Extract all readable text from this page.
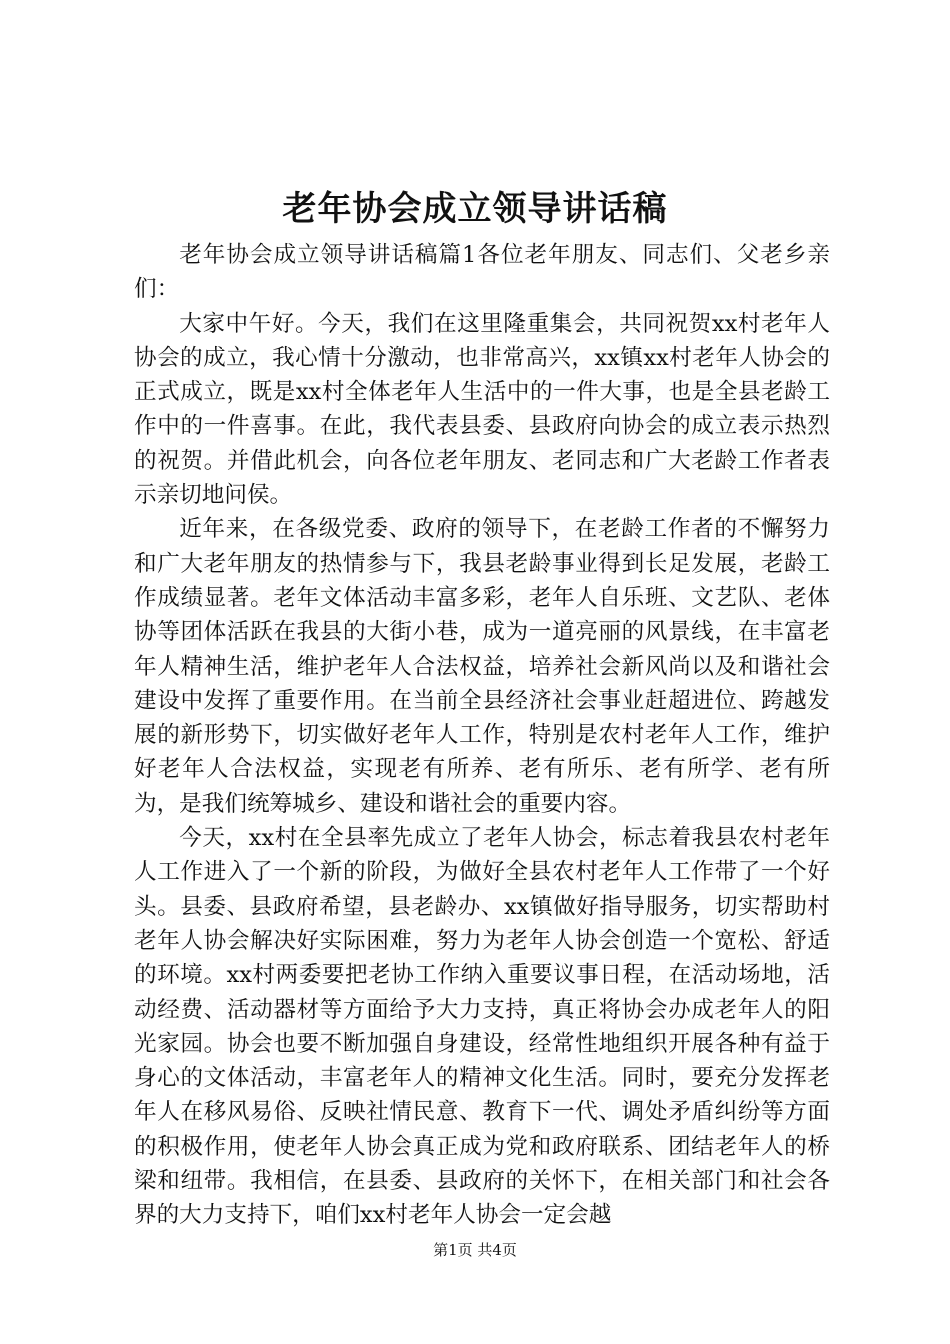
老年协会成立领导讲话稿

老年协会成立领导讲话稿篇1各位老年朋友、同志们、父老乡亲们：

大家中午好。今天，我们在这里隆重集会，共同祝贺xx村老年人协会的成立，我心情十分激动，也非常高兴，xx镇xx村老年人协会的正式成立，既是xx村全体老年人生活中的一件大事，也是全县老龄工作中的一件喜事。在此，我代表县委、县政府向协会的成立表示热烈的祝贺。并借此机会，向各位老年朋友、老同志和广大老龄工作者表示亲切地问侯。

近年来，在各级党委、政府的领导下，在老龄工作者的不懈努力和广大老年朋友的热情参与下，我县老龄事业得到长足发展，老龄工作成绩显著。老年文体活动丰富多彩，老年人自乐班、文艺队、老体协等团体活跃在我县的大街小巷，成为一道亮丽的风景线，在丰富老年人精神生活，维护老年人合法权益，培养社会新风尚以及和谐社会建设中发挥了重要作用。在当前全县经济社会事业赶超进位、跨越发展的新形势下，切实做好老年人工作，特别是农村老年人工作，维护好老年人合法权益，实现老有所养、老有所乐、老有所学、老有所为，是我们统筹城乡、建设和谐社会的重要内容。

今天，xx村在全县率先成立了老年人协会，标志着我县农村老年人工作进入了一个新的阶段，为做好全县农村老年人工作带了一个好头。县委、县政府希望，县老龄办、xx镇做好指导服务，切实帮助村老年人协会解决好实际困难，努力为老年人协会创造一个宽松、舒适的环境。xx村两委要把老协工作纳入重要议事日程，在活动场地，活动经费、活动器材等方面给予大力支持，真正将协会办成老年人的阳光家园。协会也要不断加强自身建设，经常性地组织开展各种有益于身心的文体活动，丰富老年人的精神文化生活。同时，要充分发挥老年人在移风易俗、反映社情民意、教育下一代、调处矛盾纠纷等方面的积极作用，使老年人协会真正成为党和政府联系、团结老年人的桥梁和纽带。我相信，在县委、县政府的关怀下，在相关部门和社会各界的大力支持下，咱们xx村老年人协会一定会越

第1页 共4页
